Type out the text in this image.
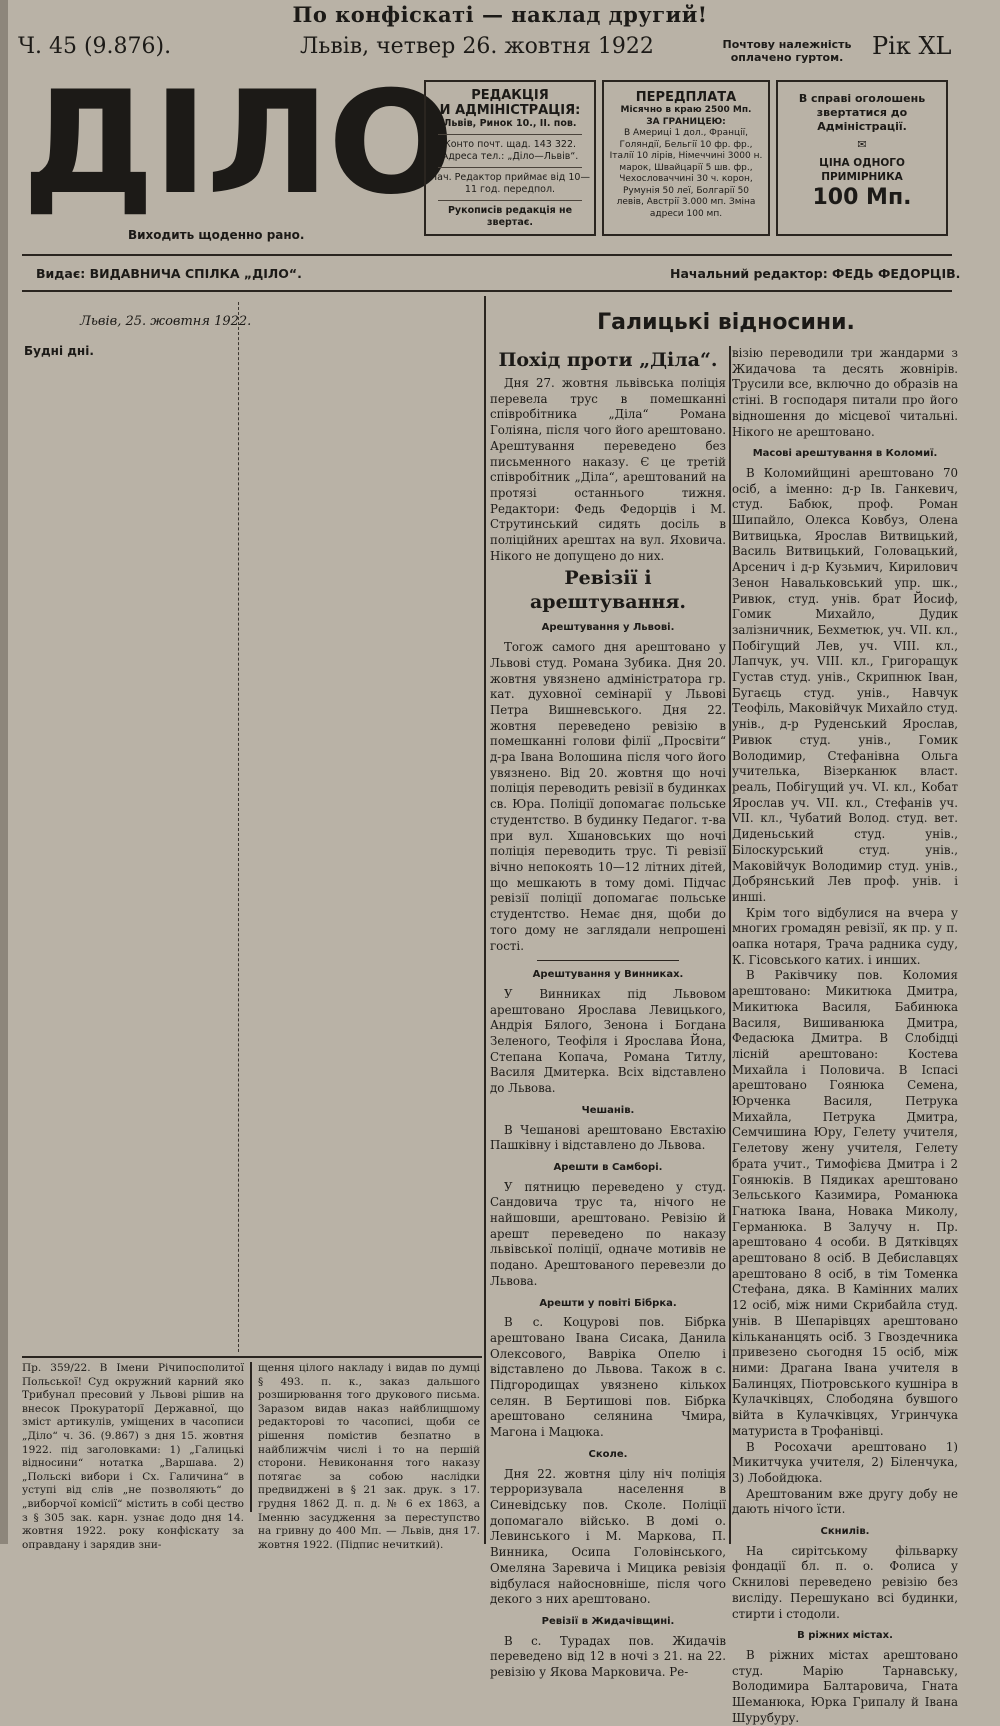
По конфіскаті — наклад другий!
Ч. 45 (9.876).	Львів, четвер 26. жовтня 1922	Почтову належність
оплачено гуртом.	Рік XL
ДІЛО
Виходить щоденно рано.
РЕДАКЦІЯ
И АДМІНІСТРАЦІЯ:
Львів, Ринок 10., II. пов.
Конто почт. щад. 143 322.
Адреса тел.: „Діло—Львів“.
Нач. Редактор приймає від 10—11 год. передпол.
Рукописів редакція не звертає.
ПЕРЕДПЛАТА
Місячно в краю 2500 Мп.
ЗА ГРАНИЦЕЮ:
В Америці 1 дол., Франції, Голяндії, Бельгії 10 фр. фр., Італії 10 лірів, Німеччині 3000 н. марок, Швайцарії 5 шв. фр., Чехословаччині 30 ч. корон, Румунія 50 леї, Болгарії 50 левів, Австрії 3.000 мп. Зміна адреси 100 мп.
В справі оголошень звертатися до Адміністрації.
✉
ЦІНА ОДНОГО ПРИМІРНИКА
100 Мп.
Видає: ВИДАВНИЧА СПІЛКА „ДІЛО“.	Начальний редактор: ФЕДЬ ФЕДОРЦІВ.
Львів, 25. жовтня 1922.
Будні дні.
Пр. 359/22. В Імени Річипосполитої Польської! Суд окружний карний яко Трибунал пресовий у Львові рішив на внесок Прокураторії Державної, що зміст артикулів, уміщених в часописи „Діло“ ч. 36. (9.867) з дня 15. жовтня 1922. під заголовками: 1) „Галицькі відносини“ нотатка „Варшава. 2) „Польскі вибори і Сх. Галичина“ в уступі від слів „не позволяють“ до „виборчої комісії“ містить в собі цество з § 305 зак. карн. узнає додо дня 14. жовтня 1922. року конфіскату за оправдану і зарядив зни-
щення цілого накладу і видав по думці § 493. п. к., заказ дальшого розширювання того друкового письма. Заразом видав наказ найблищшому редакторові то часописі, щоби се рішення помістив безпатно в найближчім числі і то на першій сторони. Невиконання того наказу потягає за собою наслідки предвиджені в § 21 зак. друк. з 17. грудня 1862 Д. п. д. № 6 ех 1863, а Іменню засудження за переступство на гривну до 400 Мп. — Львів, дня 17. жовтня 1922. (Підпис нечиткий).
Галицькі відносини.
Похід проти „Діла“.

Дня 27. жовтня львівська поліція перевела трус в помешканні співробітника „Діла“ Романа Голіяна, після чого його арештовано. Арештування переведено без письменного наказу. Є це третій співробітник „Діла“, арештований на протязі останнього тижня. Редактори: Федь Федорців і М. Струтинський сидять досіль в поліційних арештах на вул. Яховича. Нікого не допущено до них.

Ревізії і арештування.
Арештування у Львові.

Тогож самого дня арештовано у Львові студ. Романа Зубика. Дня 20. жовтня увязнено адміністратора гр. кат. духовної семінарії у Львові Петра Вишневського. Дня 22. жовтня переведено ревізію в помешканні голови філії „Просвіти“ д-ра Івана Волошина після чого його увязнено. Від 20. жовтня що ночі поліція переводить ревізії в будинках св. Юра. Поліції допомагає польське студентство. В будинку Педагог. т-ва при вул. Хшановських що ночі поліція переводить трус. Ті ревізії вічно непокоять 10—12 літних дітей, що мешкають в тому домі. Підчас ревізії поліції допомагає польське студентство. Немає дня, щоби до того дому не заглядали непрошені гості.

Арештування у Винниках.

У Винниках під Львовом арештовано Ярослава Левицького, Андрія Бялого, Зенона і Богдана Зеленого, Теофіля і Ярослава Йона, Степана Копача, Романа Титлу, Василя Дмитерка. Всіх відставлено до Львова.

Чешанів.

В Чешанові арештовано Евстахію Пашківну і відставлено до Львова.

Арешти в Самборі.

У пятницю переведено у студ. Сандовича трус та, нічого не найшовши, арештовано. Ревізію й арешт переведено по наказу львівської поліції, одначе мотивів не подано. Арештованого перевезли до Львова.

Арешти у повіті Бібрка.

В с. Коцурові пов. Бібрка арештовано Івана Сисака, Данила Олексового, Вавріка Опелю і відставлено до Львова. Також в с. Підгородищах увязнено кількох селян. В Бертишові пов. Бібрка арештовано селянина Чмира, Магона і Мацюка.

Сколе.

Дня 22. жовтня цілу ніч поліція терроризувала населення в Синевідську пов. Сколе. Поліції допомагало військо. В домі о. Левинського і М. Маркова, П. Винника, Осипа Головінського, Омеляна Заревича і Мицика ревізія відбулася найосновніше, після чого декого з них арештовано.

Ревізії в Жидачівщині.

В с. Турадах пов. Жидачів переведено від 12 в ночі з 21. на 22. ревізію у Якова Марковича. Ре-

візію переводили три жандарми з Жидачова та десять жовнірів. Трусили все, включно до образів на стіні. В господаря питали про його відношення до місцевої читальні. Нікого не арештовано.

Масові арештування в Коломиї.

В Коломийщині арештовано 70 осіб, а іменно: д-р Ів. Ганкевич, студ. Бабюк, проф. Роман Шипайло, Олекса Ковбуз, Олена Витвицька, Ярослав Витвицький, Василь Витвицький, Головацький, Арсенич і д-р Кузьмич, Кирилович Зенон Навальковський упр. шк., Ривюк, студ. унів. брат Йосиф, Гомик Михайло, Дудик залізничник, Бехметюк, уч. VII. кл., Побігущий Лев, уч. VIII. кл., Лапчук, уч. VIII. кл., Григоращук Густав студ. унів., Скрипнюк Іван, Бугаєць студ. унів., Навчук Теофіль, Маковійчук Михайло студ. унів., д-р Руденський Ярослав, Ривюк студ. унів., Гомик Володимир, Стефанівна Ольга учителька, Візерканюк власт. реаль, Побігущий уч. VI. кл., Кобат Ярослав уч. VII. кл., Стефанів уч. VII. кл., Чубатий Волод. студ. вет. Диденьський студ. унів., Білоскурський студ. унів., Маковійчук Володимир студ. унів., Добрянський Лев проф. унів. і инші.

Крім того відбулися на вчера у многих громадян ревізії, як пр. у п. оапка нотаря, Трача радника суду, К. Гісовського катих. і инших.

В Раківчику пов. Коломия арештовано: Микитюка Дмитра, Микитюка Василя, Бабинюка Василя, Вишиванюка Дмитра, Федасюка Дмитра. В Слобідці лісній арештовано: Костева Михайла і Половича. В Іспасі арештовано Гоянюка Семена, Юрченка Василя, Петрука Михайла, Петрука Дмитра, Семчишина Юру, Гелету учителя, Гелетову жену учителя, Гелету брата учит., Тимофієва Дмитра і 2 Гоянюків. В Пядиках арештовано Зельського Казимира, Романюка Гнатюка Івана, Новака Миколу, Германюка. В Залучу н. Пр. арештовано 4 особи. В Дятківцях арештовано 8 осіб. В Дебиславцях арештовано 8 осіб, в тім Томенка Стефана, дяка. В Камінних малих 12 осіб, між ними Скрибайла студ. унів. В Шепарівцях арештовано кількананцять осіб. З Гвоздечника привезено сьогодня 15 осіб, між ними: Драгана Івана учителя в Балинцях, Піотровського кушніра в Кулачківцях, Слободяна бувшого війта в Кулачківцях, Угринчука матуриста в Трофанівці.

В Росохачи арештовано 1) Микитчука учителя, 2) Біленчука, 3) Лобойдюка.

Арештованим вже другу добу не дають нічого їсти.

Скнилів.

На сирітському фільварку фондації бл. п. о. Фолиса у Скнилові переведено ревізію без висліду. Перешукано всі будинки, стирти і стодоли.

В ріжних містах.

В ріжних містах арештовано студ. Марію Тарнавську, Володимира Балтаровича, Гната Шеманюка, Юрка Грипалу й Івана Шурубуру.
